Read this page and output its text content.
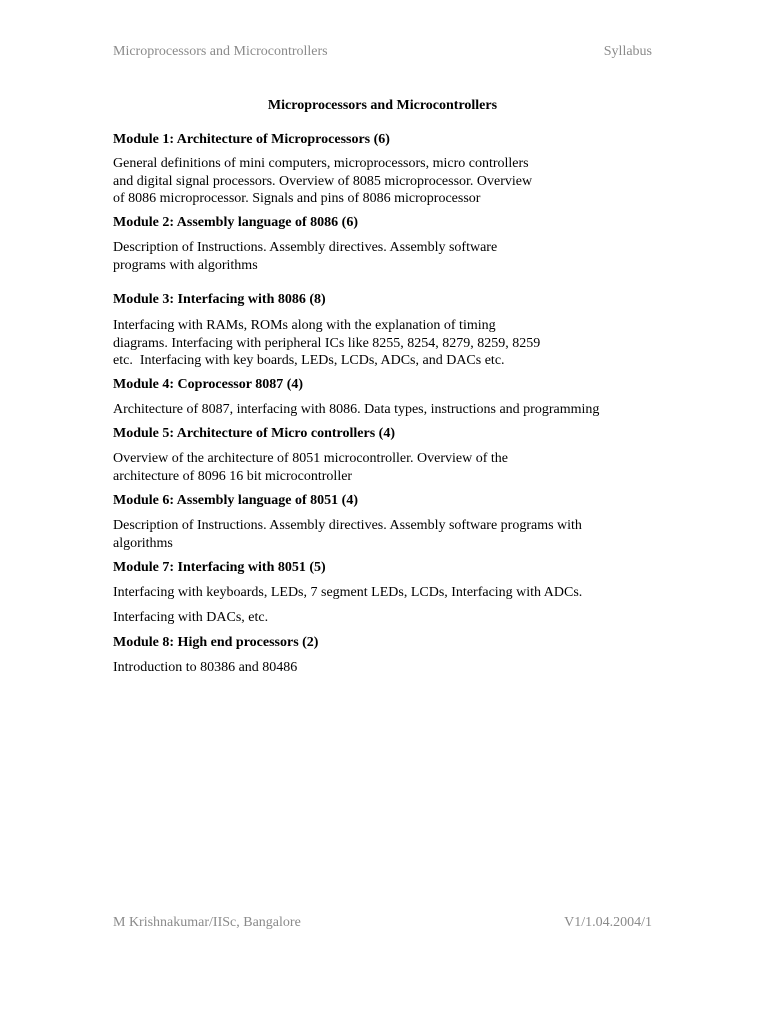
Microprocessors and Microcontrollers	Syllabus
Microprocessors and Microcontrollers
Module 1: Architecture of Microprocessors (6)
General definitions of mini computers, microprocessors, micro controllers
and digital signal processors. Overview of 8085 microprocessor. Overview
of 8086 microprocessor. Signals and pins of 8086 microprocessor
Module 2: Assembly language of 8086 (6)
Description of Instructions. Assembly directives. Assembly software
programs with algorithms
Module 3: Interfacing with 8086 (8)
Interfacing with RAMs, ROMs along with the explanation of timing
diagrams. Interfacing with peripheral ICs like 8255, 8254, 8279, 8259, 8259
etc.  Interfacing with key boards, LEDs, LCDs, ADCs, and DACs etc.
Module 4: Coprocessor 8087 (4)
Architecture of 8087, interfacing with 8086. Data types, instructions and programming
Module 5: Architecture of Micro controllers (4)
Overview of the architecture of 8051 microcontroller. Overview of the
architecture of 8096 16 bit microcontroller
Module 6: Assembly language of 8051 (4)
Description of Instructions. Assembly directives. Assembly software programs with
algorithms
Module 7: Interfacing with 8051 (5)
Interfacing with keyboards, LEDs, 7 segment LEDs, LCDs, Interfacing with ADCs.
Interfacing with DACs, etc.
Module 8: High end processors (2)
Introduction to 80386 and 80486
M Krishnakumar/IISc, Bangalore	V1/1.04.2004/1
